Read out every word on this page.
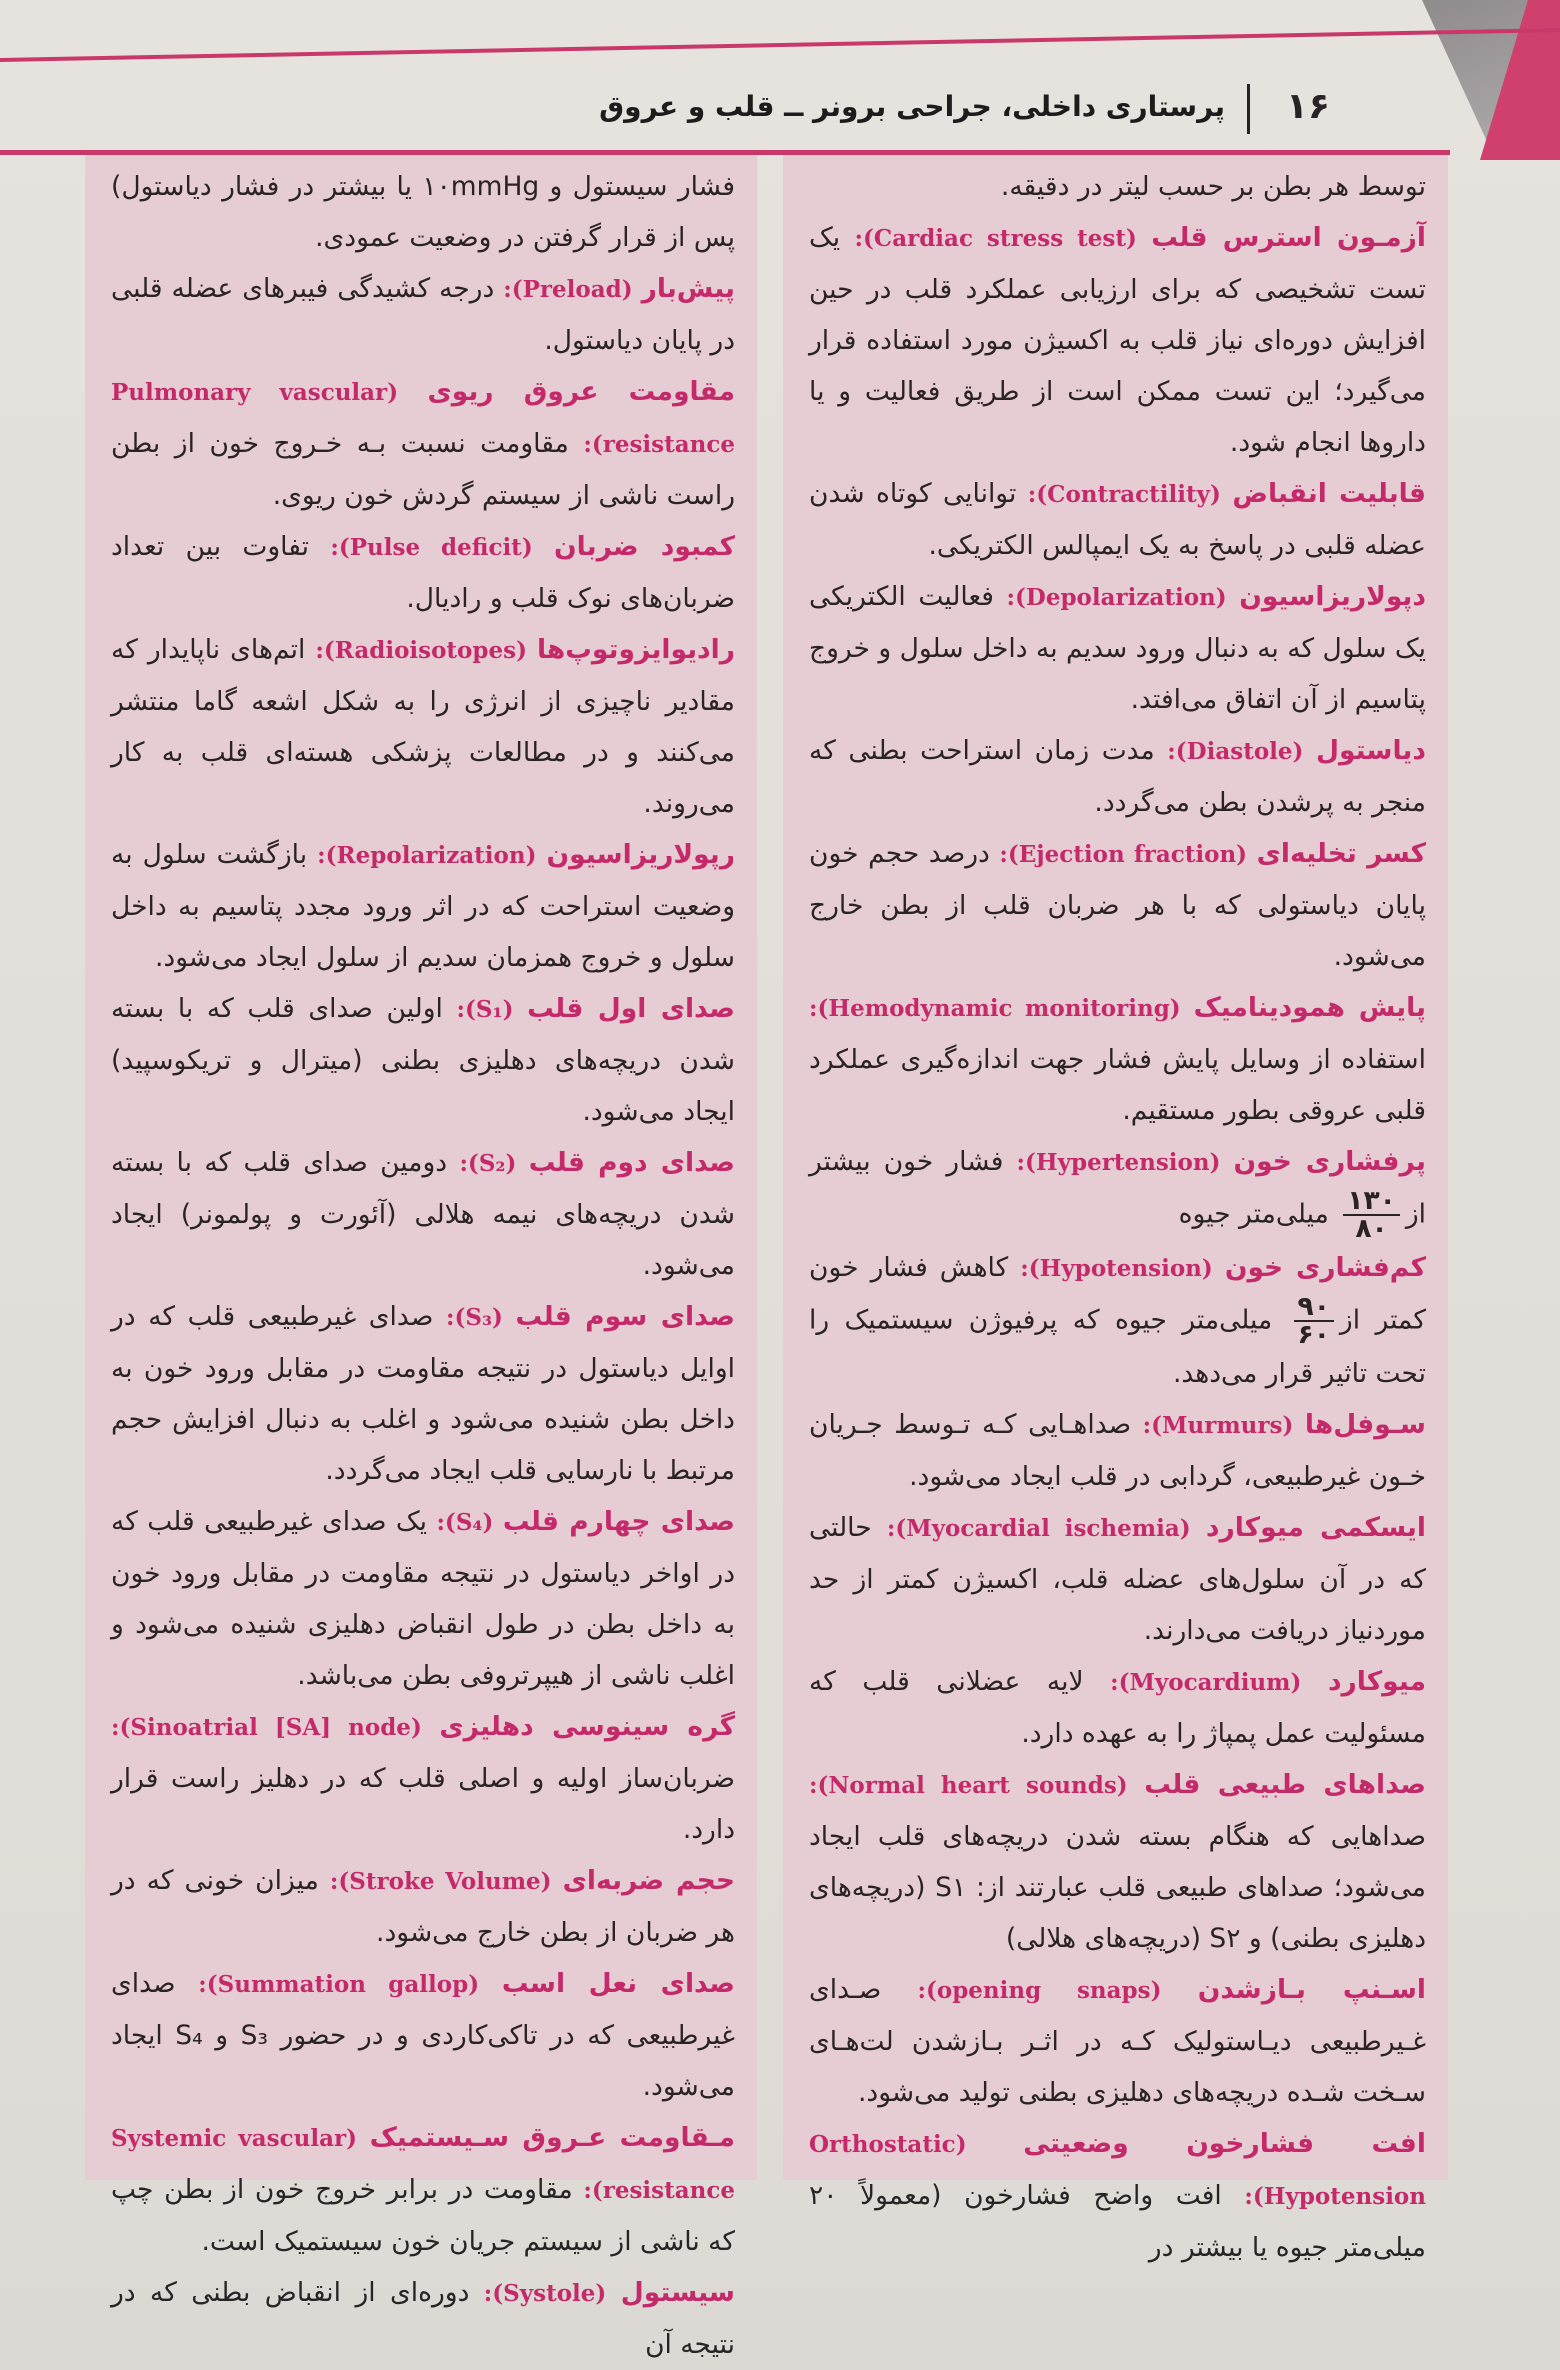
پرستاری داخلی، جراحی برونر ــ قلب و عروق ۱۶

توسط هر بطن بر حسب لیتر در دقیقه.

آزمـون استرس قلب (Cardiac stress test): یک تست تشخیصی که برای ارزیابی عملکرد قلب در حین افزایش دوره‌ای نیاز قلب به اکسیژن مورد استفاده قرار می‌گیرد؛ این تست ممکن است از طریق فعالیت و یا داروها انجام شود.

قابلیت انقباض (Contractility): توانایی کوتاه شدن عضله قلبی در پاسخ به یک ایمپالس الکتریکی.

دپولاریزاسیون (Depolarization): فعالیت الکتریکی یک سلول که به دنبال ورود سدیم به داخل سلول و خروج پتاسیم از آن اتفاق می‌افتد.

دیاستول (Diastole): مدت زمان استراحت بطنی که منجر به پرشدن بطن می‌گردد.

کسر تخلیه‌ای (Ejection fraction): درصد حجم خون پایان دیاستولی که با هر ضربان قلب از بطن خارج می‌شود.

پایش همودینامیک (Hemodynamic monitoring): استفاده از وسایل پایش فشار جهت اندازه‌گیری عملکرد قلبی عروقی بطور مستقیم.

پرفشاری خون (Hypertension): فشار خون بیشتر از
$\frac{۱۳۰}{۸۰}$
میلی‌متر جیوه

کم‌فشاری خون (Hypotension): کاهش فشار خون کمتر از
$\frac{۹۰}{۶۰}$
میلی‌متر جیوه که پرفیوژن سیستمیک را تحت تاثیر قرار می‌دهد.

سـوفل‌ها (Murmurs): صداهـایی کـه تـوسط جـریان خـون غیرطبیعی، گردابی در قلب ایجاد می‌شود.

ایسکمی میوکارد (Myocardial ischemia): حالتی که در آن سلول‌های عضله قلب، اکسیژن کمتر از حد موردنیاز دریافت می‌دارند.

میوکارد (Myocardium): لایه عضلانی قلب که مسئولیت عمل پمپاژ را به عهده دارد.

صداهای طبیعی قلب (Normal heart sounds): صداهایی که هنگام بسته شدن دریچه‌های قلب ایجاد می‌شود؛ صداهای طبیعی قلب عبارتند از: S۱ (دریچه‌های دهلیزی بطنی) و S۲ (دریچه‌های هلالی)

اسـنپ بـازشدن (opening snaps): صـدای غـیرطبیعی دیـاستولیک کـه در اثـر بـازشدن لت‌هـای سـخت شـده دریچه‌های دهلیزی بطنی تولید می‌شود.

افت فشارخون وضعیتی (Orthostatic Hypotension): افت واضح فشارخون (معمولاً ۲۰ میلی‌متر جیوه یا بیشتر در

فشار سیستول و ۱۰mmHg یا بیشتر در فشار دیاستول) پس از قرار گرفتن در وضعیت عمودی.

پیش‌بار (Preload): درجه کشیدگی فیبرهای عضله قلبی در پایان دیاستول.

مقاومت عروق ریوی (Pulmonary vascular resistance): مقاومت نسبت بـه خـروج خون از بطن راست ناشی از سیستم گردش خون ریوی.

کمبود ضربان (Pulse deficit): تفاوت بین تعداد ضربان‌های نوک قلب و رادیال.

رادیوایزوتوپ‌ها (Radioisotopes): اتم‌های ناپایدار که مقادیر ناچیزی از انرژی را به شکل اشعه گاما منتشر می‌کنند و در مطالعات پزشکی هسته‌ای قلب به کار می‌روند.

رپولاریزاسیون (Repolarization): بازگشت سلول به وضعیت استراحت که در اثر ورود مجدد پتاسیم به داخل سلول و خروج همزمان سدیم از سلول ایجاد می‌شود.

صدای اول قلب (S₁): اولین صدای قلب که با بسته شدن دریچه‌های دهلیزی بطنی (میترال و تریکوسپید) ایجاد می‌شود.

صدای دوم قلب (S₂): دومین صدای قلب که با بسته شدن دریچه‌های نیمه هلالی (آئورت و پولمونر) ایجاد می‌شود.

صدای سوم قلب (S₃): صدای غیرطبیعی قلب که در اوایل دیاستول در نتیجه مقاومت در مقابل ورود خون به داخل بطن شنیده می‌شود و اغلب به دنبال افزایش حجم مرتبط با نارسایی قلب ایجاد می‌گردد.

صدای چهارم قلب (S₄): یک صدای غیرطبیعی قلب که در اواخر دیاستول در نتیجه مقاومت در مقابل ورود خون به داخل بطن در طول انقباض دهلیزی شنیده می‌شود و اغلب ناشی از هیپرتروفی بطن می‌باشد.

گره سینوسی دهلیزی (Sinoatrial [SA] node): ضربان‌ساز اولیه و اصلی قلب که در دهلیز راست قرار دارد.

حجم ضربه‌ای (Stroke Volume): میزان خونی که در هر ضربان از بطن خارج می‌شود.

صدای نعل اسب (Summation gallop): صدای غیرطبیعی که در تاکی‌کاردی و در حضور S₃ و S₄ ایجاد می‌شود.

مـقاومت عـروق سـیستمیک (Systemic vascular resistance): مقاومت در برابر خروج خون از بطن چپ که ناشی از سیستم جریان خون سیستمیک است.

سیستول (Systole): دوره‌ای از انقباض بطنی که در نتیجه آن
